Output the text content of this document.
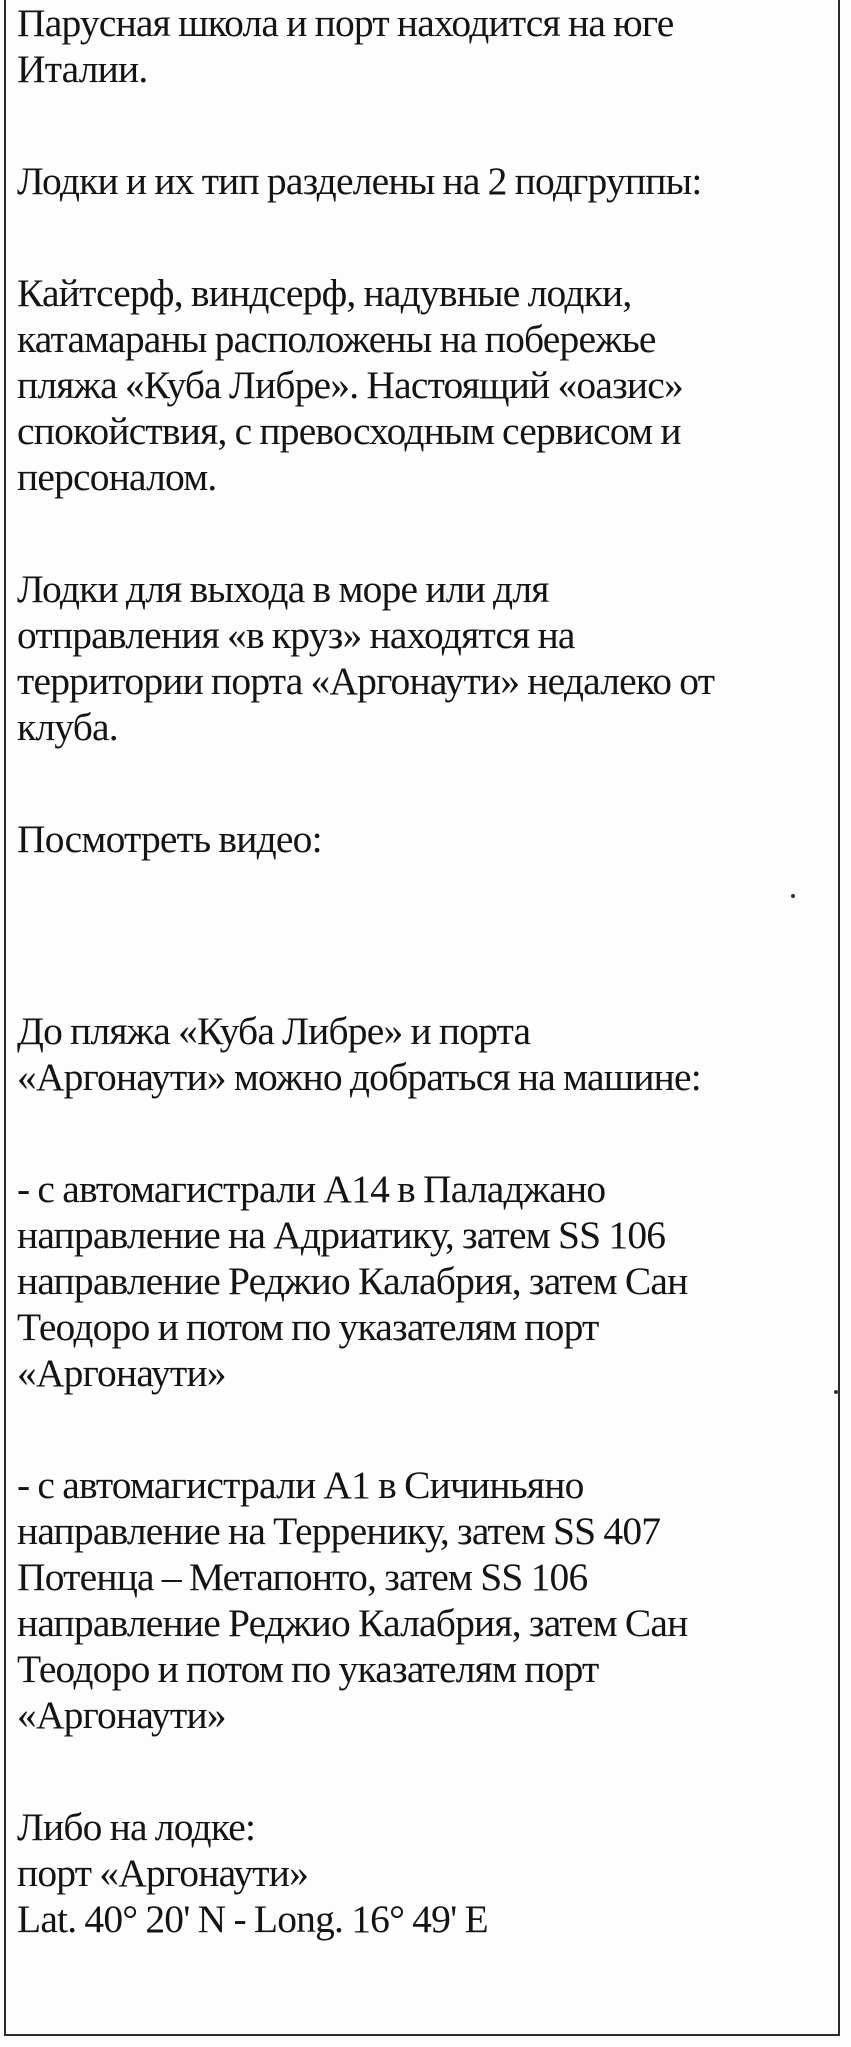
Парусная школа и порт находится на юге
Италии.
Лодки и их тип разделены на 2 подгруппы:
Кайтсерф, виндсерф, надувные лодки,
катамараны расположены на побережье
пляжа «Куба Либре». Настоящий «оазис»
спокойствия, с превосходным сервисом и
персоналом.
Лодки для выхода в море или для
отправления «в круз» находятся на
территории порта «Аргонаути» недалеко от
клуба.
Посмотреть видео:
До пляжа «Куба Либре» и порта
«Аргонаути» можно добраться на машине:
- с автомагистрали A14 в Паладжано
направление на Адриатику, затем SS 106
направление Реджио Калабрия, затем Сан
Теодоро и потом по указателям порт
«Аргонаути»
- с автомагистрали A1 в Сичиньяно
направление на Терренику, затем SS 407
Потенца – Метапонто, затем SS 106
направление Реджио Калабрия, затем Сан
Теодоро и потом по указателям порт
«Аргонаути»
Либо на лодке:
порт «Аргонаути»
Lat. 40° 20' N - Long. 16° 49' E
